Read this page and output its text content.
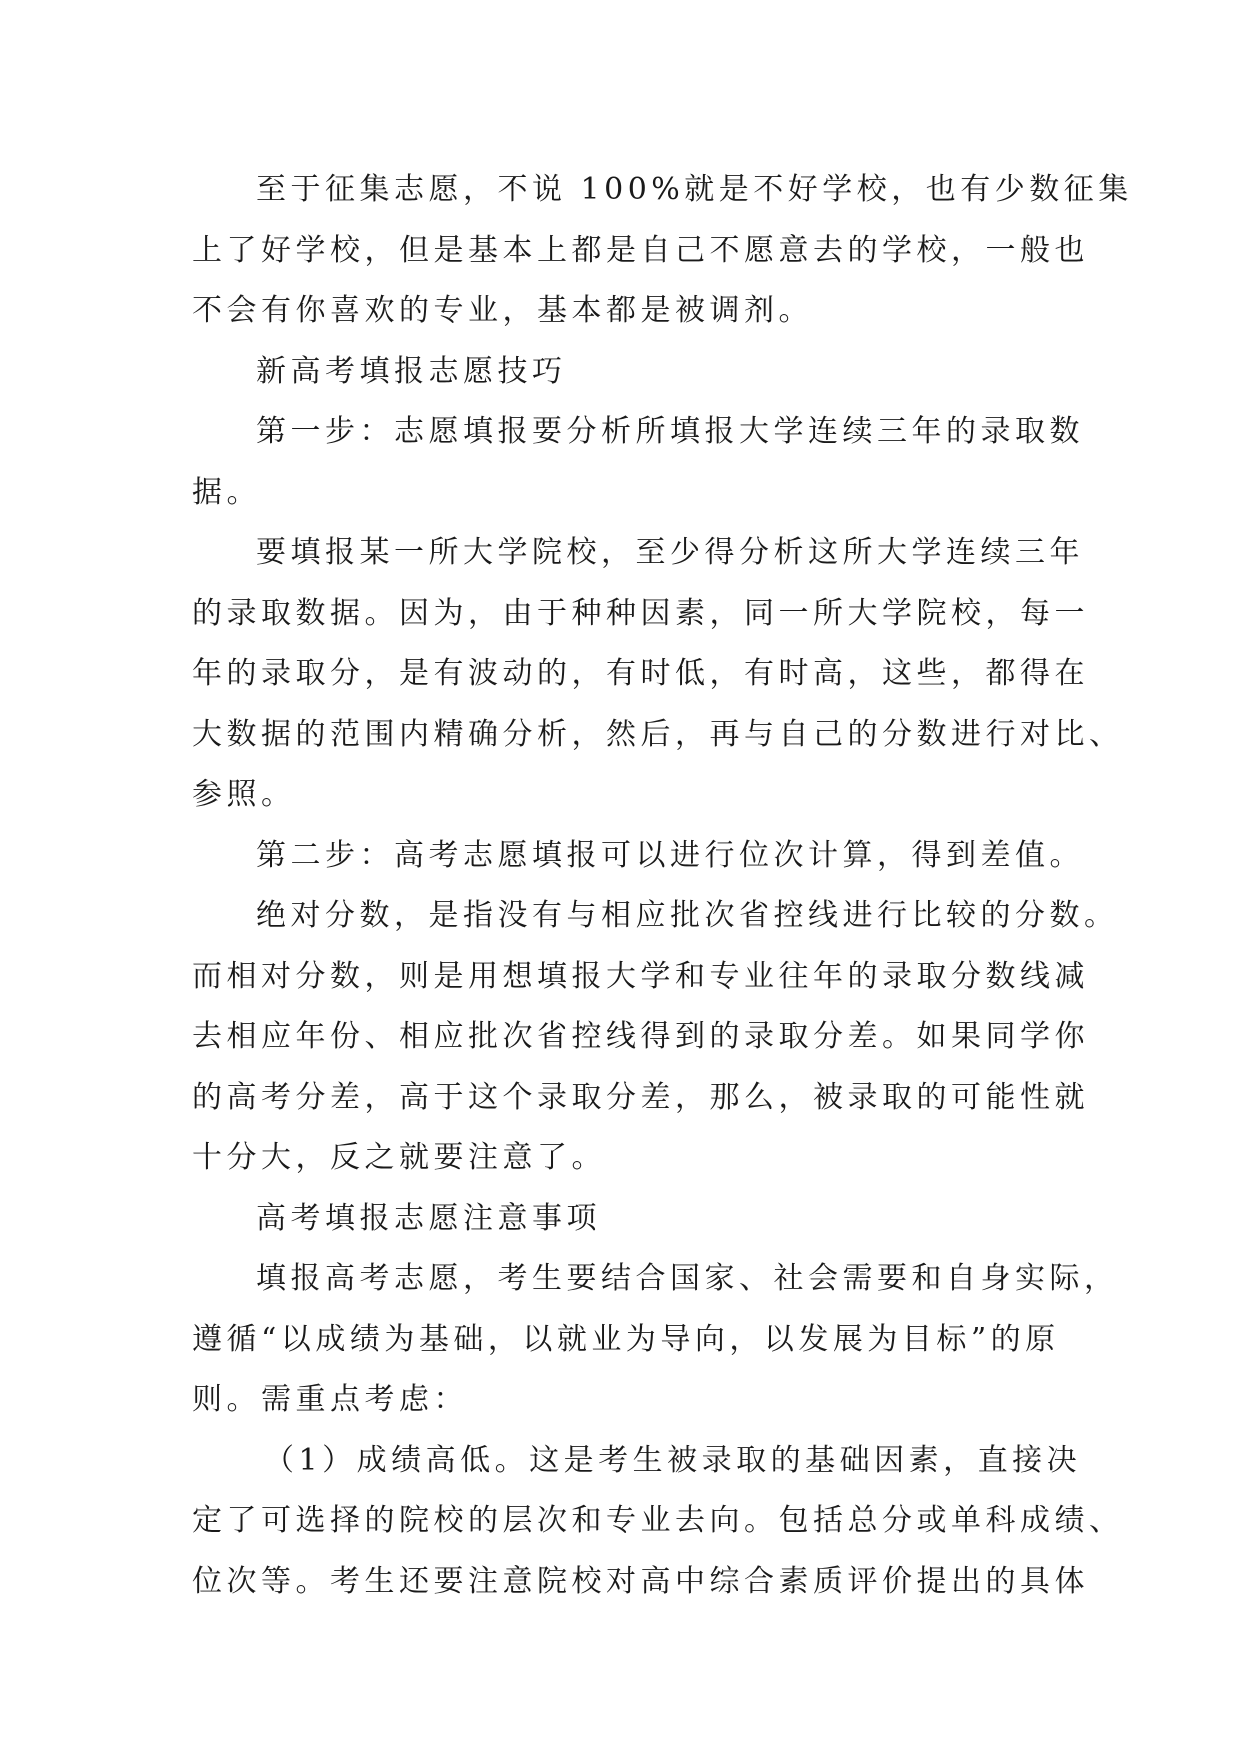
至于征集志愿，不说 100%就是不好学校，也有少数征集
上了好学校，但是基本上都是自己不愿意去的学校，一般也
不会有你喜欢的专业，基本都是被调剂。
新高考填报志愿技巧
第一步：志愿填报要分析所填报大学连续三年的录取数
据。
要填报某一所大学院校，至少得分析这所大学连续三年
的录取数据。因为，由于种种因素，同一所大学院校，每一
年的录取分，是有波动的，有时低，有时高，这些，都得在
大数据的范围内精确分析，然后，再与自己的分数进行对比、
参照。
第二步：高考志愿填报可以进行位次计算，得到差值。
绝对分数，是指没有与相应批次省控线进行比较的分数。
而相对分数，则是用想填报大学和专业往年的录取分数线减
去相应年份、相应批次省控线得到的录取分差。如果同学你
的高考分差，高于这个录取分差，那么，被录取的可能性就
十分大，反之就要注意了。
高考填报志愿注意事项
填报高考志愿，考生要结合国家、社会需要和自身实际，
遵循“以成绩为基础，以就业为导向，以发展为目标”的原
则。需重点考虑：
（1）成绩高低。这是考生被录取的基础因素，直接决
定了可选择的院校的层次和专业去向。包括总分或单科成绩、
位次等。考生还要注意院校对高中综合素质评价提出的具体
